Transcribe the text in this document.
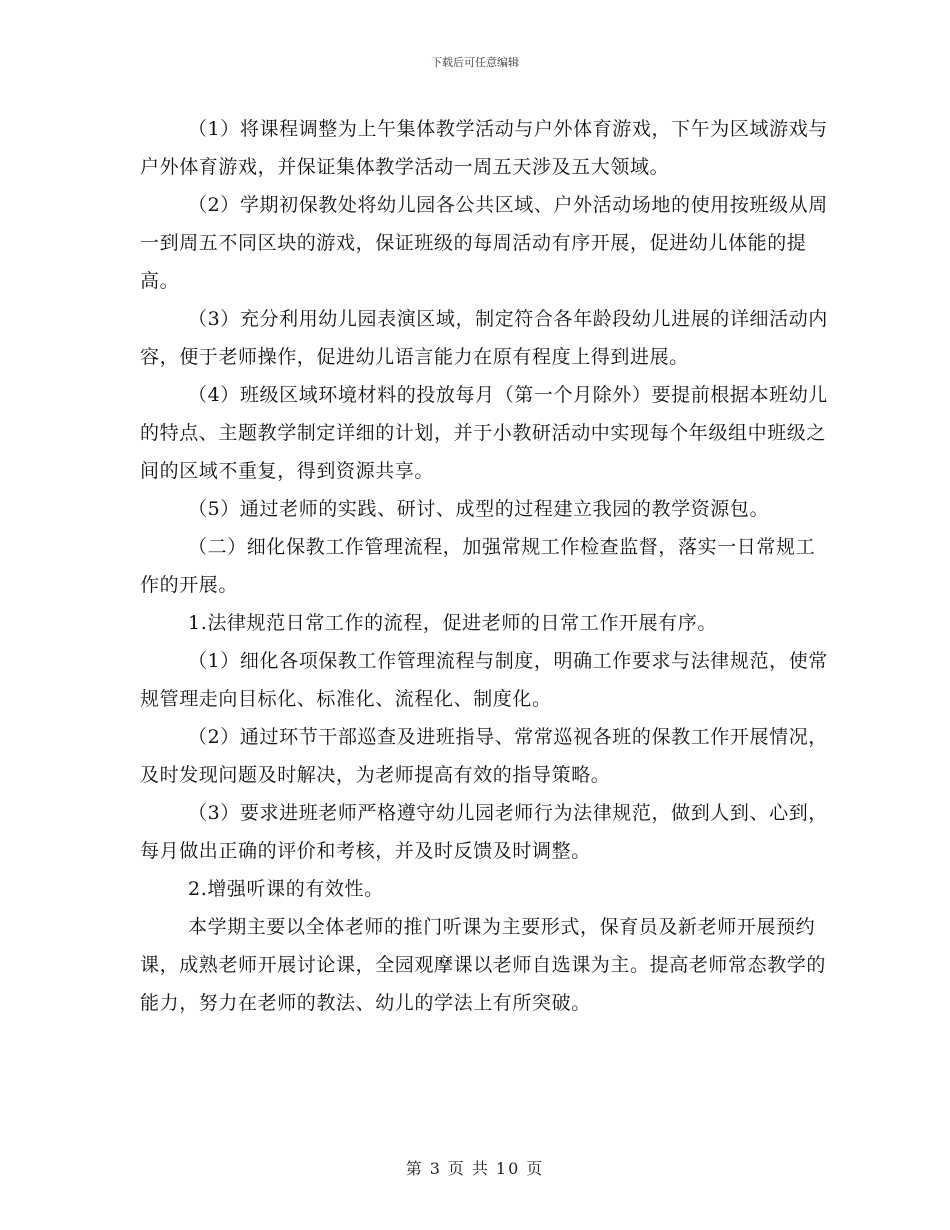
下载后可任意编辑

（1）将课程调整为上午集体教学活动与户外体育游戏，下午为区域游戏与户外体育游戏，并保证集体教学活动一周五天涉及五大领域。

（2）学期初保教处将幼儿园各公共区域、户外活动场地的使用按班级从周一到周五不同区块的游戏，保证班级的每周活动有序开展，促进幼儿体能的提高。

（3）充分利用幼儿园表演区域，制定符合各年龄段幼儿进展的详细活动内容，便于老师操作，促进幼儿语言能力在原有程度上得到进展。

（4）班级区域环境材料的投放每月（第一个月除外）要提前根据本班幼儿的特点、主题教学制定详细的计划，并于小教研活动中实现每个年级组中班级之间的区域不重复，得到资源共享。

（5）通过老师的实践、研讨、成型的过程建立我园的教学资源包。

（二）细化保教工作管理流程，加强常规工作检查监督，落实一日常规工作的开展。

1.法律规范日常工作的流程，促进老师的日常工作开展有序。

（1）细化各项保教工作管理流程与制度，明确工作要求与法律规范，使常规管理走向目标化、标准化、流程化、制度化。

（2）通过环节干部巡查及进班指导、常常巡视各班的保教工作开展情况，及时发现问题及时解决，为老师提高有效的指导策略。

（3）要求进班老师严格遵守幼儿园老师行为法律规范，做到人到、心到，每月做出正确的评价和考核，并及时反馈及时调整。

2.增强听课的有效性。

本学期主要以全体老师的推门听课为主要形式，保育员及新老师开展预约课，成熟老师开展讨论课，全园观摩课以老师自选课为主。提高老师常态教学的能力，努力在老师的教法、幼儿的学法上有所突破。

第 3 页 共 10 页
